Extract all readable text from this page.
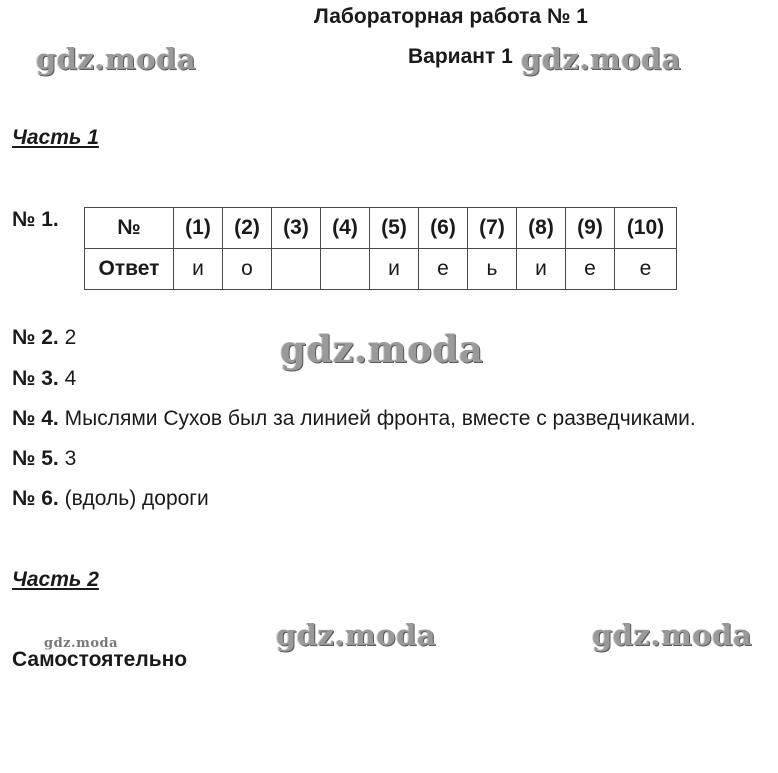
Лабораторная работа № 1
Вариант 1
gdz.moda	gdz.moda
gdz.moda
gdz.moda	gdz.moda	gdz.moda
Часть 1
№ 1.	№	(1)	(2)	(3)	(4)	(5)	(6)	(7)	(8)	(9)	(10)
Ответ	и	о			и	е	ь	и	е	е
№ 2. 2
№ 3. 4
№ 4. Мыслями Сухов был за линией фронта, вместе с разведчиками.
№ 5. 3
№ 6. (вдоль) дороги
Часть 2
Самостоятельно
